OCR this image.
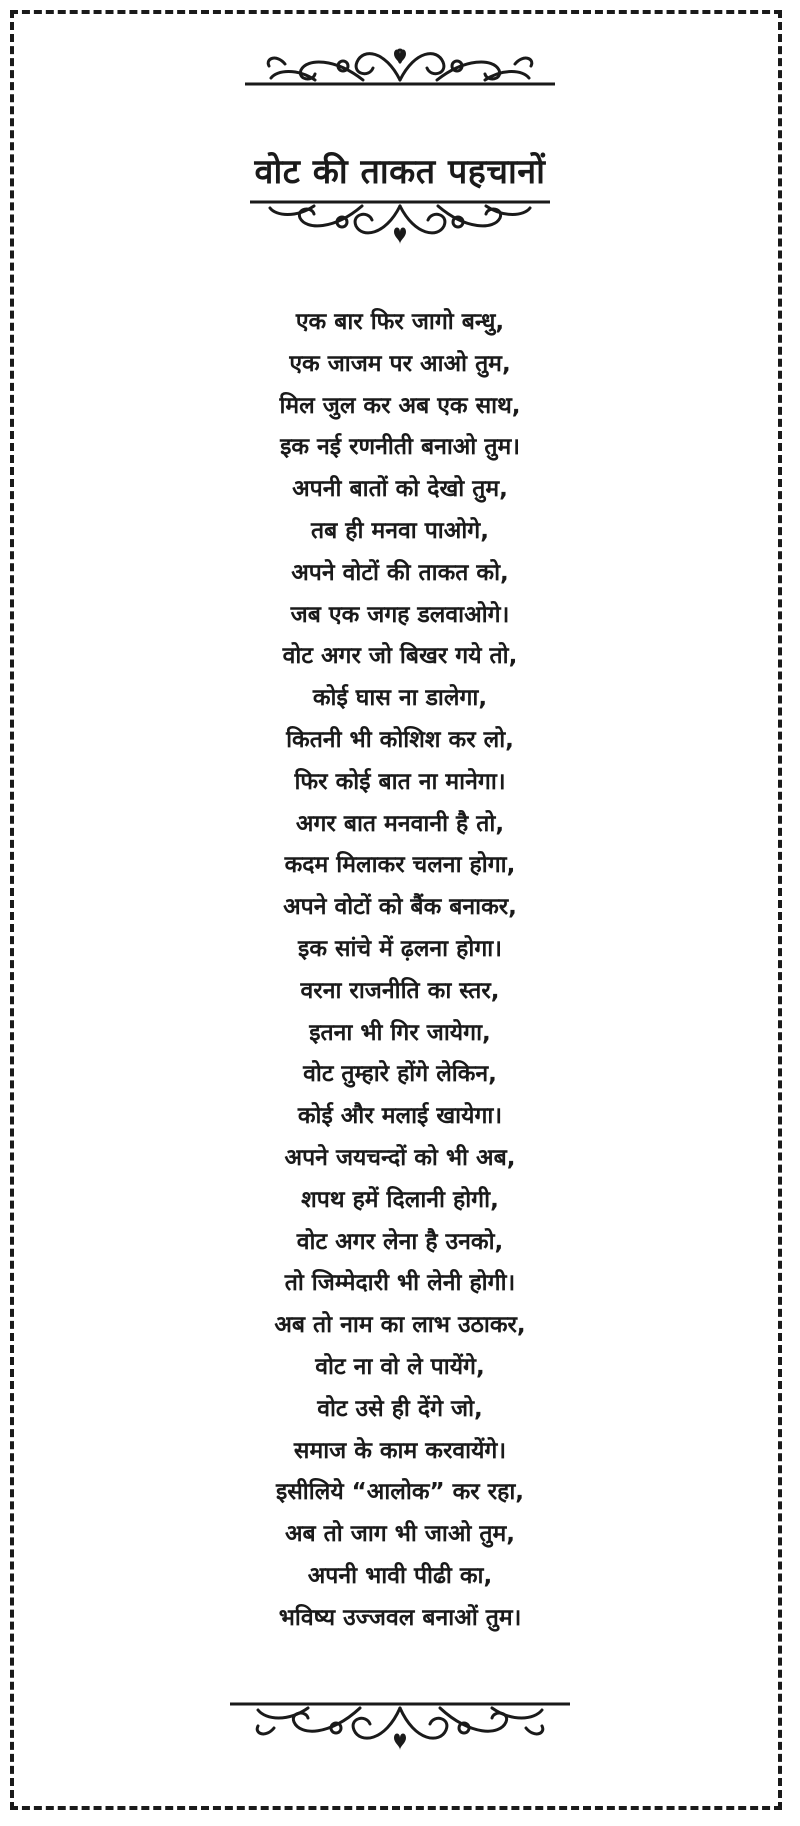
वोट की ताकत पहचानों
एक बार फिर जागो बन्धु,
एक जाजम पर आओ तुम,
मिल जुल कर अब एक साथ,
इक नई रणनीती बनाओ तुम।
अपनी बातों को देखो तुम,
तब ही मनवा पाओगे,
अपने वोटों की ताकत को,
जब एक जगह डलवाओगे।
वोट अगर जो बिखर गये तो,
कोई घास ना डालेगा,
कितनी भी कोशिश कर लो,
फिर कोई बात ना मानेगा।
अगर बात मनवानी है तो,
कदम मिलाकर चलना होगा,
अपने वोटों को बैंक बनाकर,
इक सांचे में ढ़लना होगा।
वरना राजनीति का स्तर,
इतना भी गिर जायेगा,
वोट तुम्हारे होंगे लेकिन,
कोई और मलाई खायेगा।
अपने जयचन्दों को भी अब,
शपथ हमें दिलानी होगी,
वोट अगर लेना है उनको,
तो जिम्मेदारी भी लेनी होगी।
अब तो नाम का लाभ उठाकर,
वोट ना वो ले पायेंगे,
वोट उसे ही देंगे जो,
समाज के काम करवायेंगे।
इसीलिये “आलोक” कर रहा,
अब तो जाग भी जाओ तुम,
अपनी भावी पीढी का,
भविष्य उज्जवल बनाओं तुम।
